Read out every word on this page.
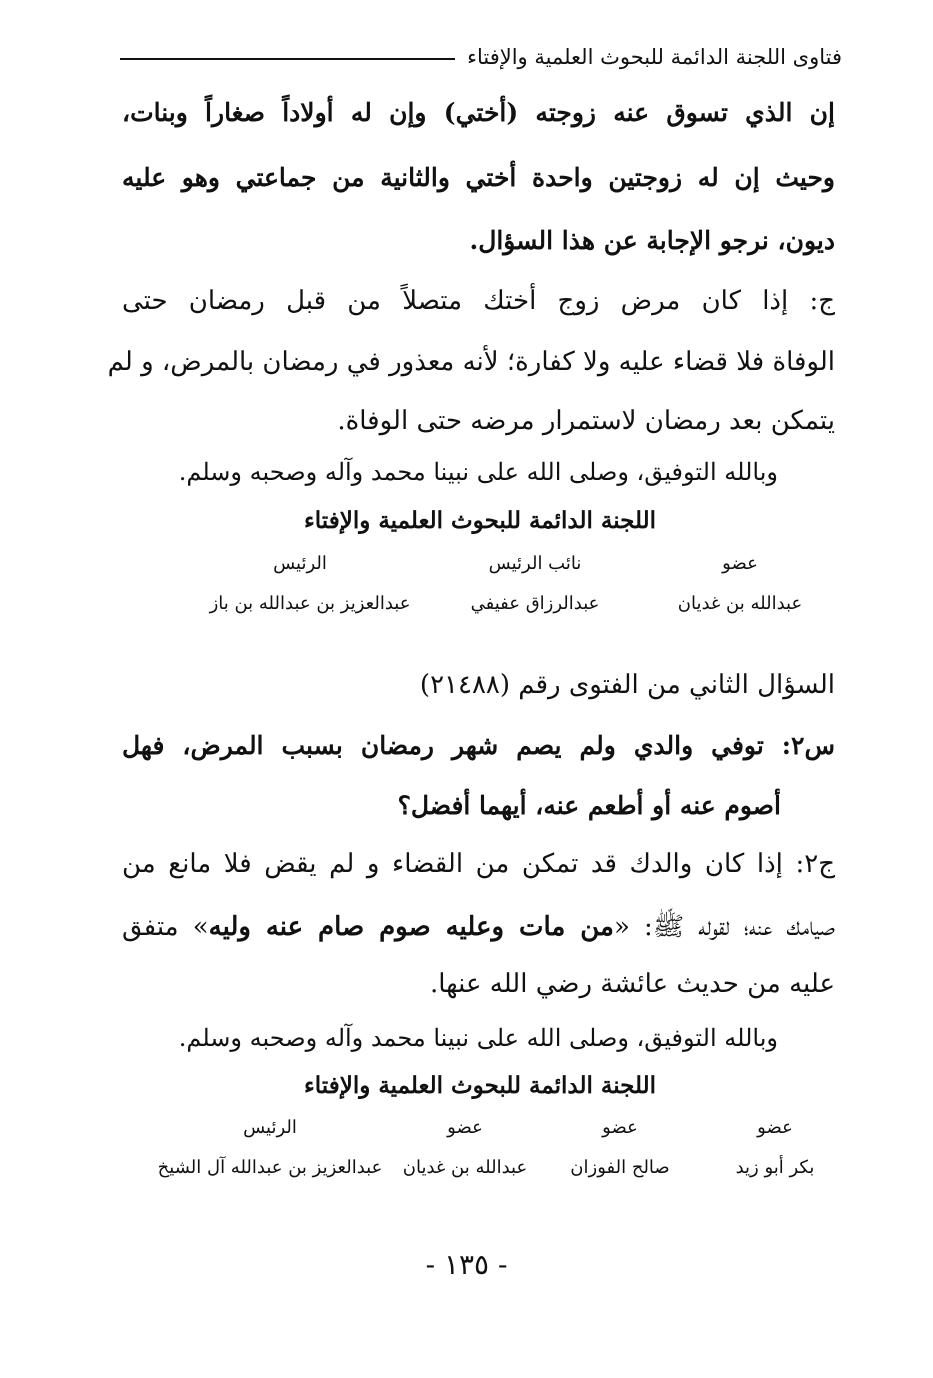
فتاوى اللجنة الدائمة للبحوث العلمية والإفتاء
إن الذي تسوق عنه زوجته (أختي) وإن له أولاداً صغاراً وبنات،
وحيث إن له زوجتين واحدة أختي والثانية من جماعتي وهو عليه
ديون، نرجو الإجابة عن هذا السؤال.
ج: إذا كان مرض زوج أختك متصلاً من قبل رمضان حتى
الوفاة فلا قضاء عليه ولا كفارة؛ لأنه معذور في رمضان بالمرض، و لم
يتمكن بعد رمضان لاستمرار مرضه حتى الوفاة.
وبالله التوفيق، وصلى الله على نبينا محمد وآله وصحبه وسلم.
اللجنة الدائمة للبحوث العلمية والإفتاء
عضو
عبدالله بن غديان
نائب الرئيس
عبدالرزاق عفيفي
الرئيس
عبدالعزيز بن عبدالله بن باز
السؤال الثاني من الفتوى رقم (٢١٤٨٨)
س٢: توفي والدي ولم يصم شهر رمضان بسبب المرض، فهل
أصوم عنه أو أطعم عنه، أيهما أفضل؟
ج٢: إذا كان والدك قد تمكن من القضاء و لم يقض فلا مانع من
صيامك عنه؛ لقوله ﷺ: «من مات وعليه صوم صام عنه وليه» متفق
عليه من حديث عائشة رضي الله عنها.
وبالله التوفيق، وصلى الله على نبينا محمد وآله وصحبه وسلم.
اللجنة الدائمة للبحوث العلمية والإفتاء
عضو
بكر أبو زيد
عضو
صالح الفوزان
عضو
عبدالله بن غديان
الرئيس
عبدالعزيز بن عبدالله آل الشيخ
- ١٣٥ -
